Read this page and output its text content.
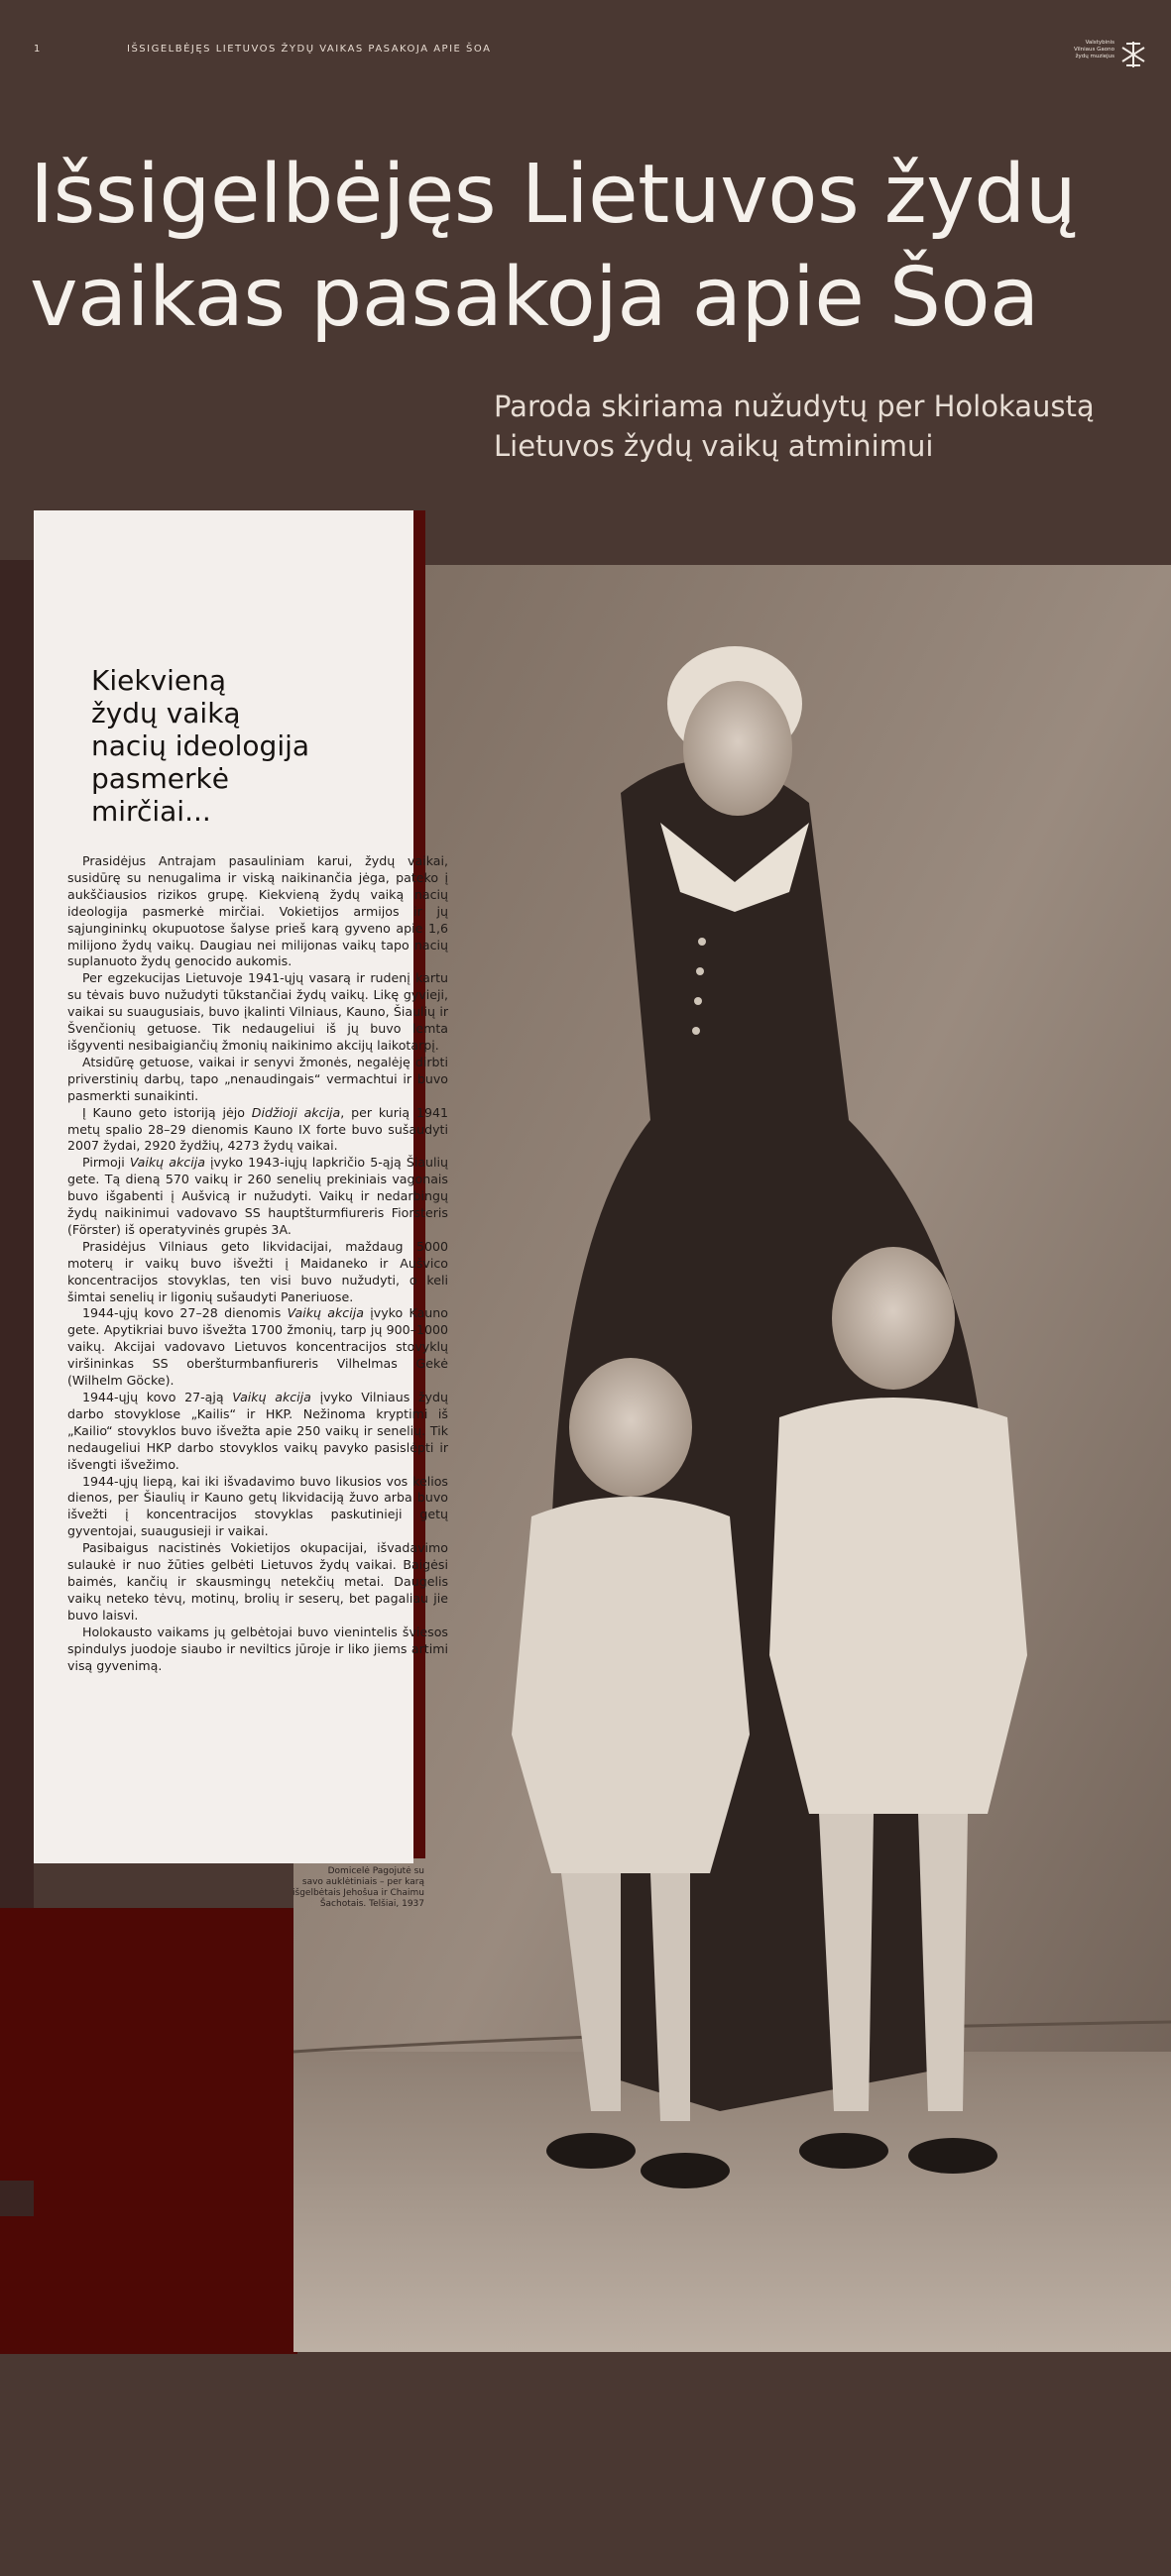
1	IŠSIGELBĖJĘS LIETUVOS ŽYDŲ VAIKAS PASAKOJA APIE ŠOA
Valstybinis
Vilniaus Gaono
žydų muziejus
Išsigelbėjęs Lietuvos žydų
vaikas pasakoja apie Šoa
Paroda skiriama nužudytų per Holokaustą
Lietuvos žydų vaikų atminimui
Kiekvieną
žydų vaiką
nacių ideologija
pasmerkė
mirčiai...

Prasidėjus Antrajam pasauliniam karui, žydų vaikai, susidūrę su nenugalima ir viską naikinančia jėga, pateko į aukščiausios rizikos grupę. Kiekvieną žydų vaiką nacių ideologija pasmerkė mirčiai. Vokietijos armijos ir jų sąjungininkų okupuotose šalyse prieš karą gyveno apie 1,6 milijono žydų vaikų. Daugiau nei milijonas vaikų tapo nacių suplanuoto žydų genocido aukomis.

Per egzekucijas Lietuvoje 1941-ųjų vasarą ir rudenį kartu su tėvais buvo nužudyti tūkstančiai žydų vaikų. Likę gyvieji, vaikai su suaugusiais, buvo įkalinti Vilniaus, Kauno, Šiaulių ir Švenčionių getuose. Tik nedaugeliui iš jų buvo lemta išgyventi nesibaigiančių žmonių naikinimo akcijų laikotarpį.

Atsidūrę getuose, vaikai ir senyvi žmonės, negalėję dirbti priverstinių darbų, tapo „nenaudingais“ vermachtui ir buvo pasmerkti sunaikinti.

Į Kauno geto istoriją jėjo Didžioji akcija, per kurią 1941 metų spalio 28–29 dienomis Kauno IX forte buvo sušaudyti 2007 žydai, 2920 žydžių, 4273 žydų vaikai.

Pirmoji Vaikų akcija įvyko 1943-iųjų lapkričio 5-ąją Šiaulių gete. Tą dieną 570 vaikų ir 260 senelių prekiniais vagonais buvo išgabenti į Aušvicą ir nužudyti. Vaikų ir nedarbingų žydų naikinimui vadovavo SS hauptšturmfiureris Fiorsteris (Förster) iš operatyvinės grupės 3A.

Prasidėjus Vilniaus geto likvidacijai, maždaug 5000 moterų ir vaikų buvo išvežti į Maidaneko ir Aušvico koncentracijos stovyklas, ten visi buvo nužudyti, o keli šimtai senelių ir ligonių sušaudyti Paneriuose.

1944-ųjų kovo 27–28 dienomis Vaikų akcija įvyko Kauno gete. Apytikriai buvo išvežta 1700 žmonių, tarp jų 900–1000 vaikų. Akcijai vadovavo Lietuvos koncentracijos stovyklų viršininkas SS oberšturmbanfiureris Vilhelmas Gekė (Wilhelm Göcke).

1944-ųjų kovo 27-ąją Vaikų akcija įvyko Vilniaus žydų darbo stovyklose „Kailis“ ir HKP. Nežinoma kryptimi iš „Kailio“ stovyklos buvo išvežta apie 250 vaikų ir senelių. Tik nedaugeliui HKP darbo stovyklos vaikų pavyko pasislėpti ir išvengti išvežimo.

1944-ųjų liepą, kai iki išvadavimo buvo likusios vos kelios dienos, per Šiaulių ir Kauno getų likvidaciją žuvo arba buvo išvežti į koncentracijos stovyklas paskutinieji getų gyventojai, suaugusieji ir vaikai.

Pasibaigus nacistinės Vokietijos okupacijai, išvadavimo sulaukė ir nuo žūties gelbėti Lietuvos žydų vaikai. Baigėsi baimės, kančių ir skausmingų netekčių metai. Daugelis vaikų neteko tėvų, motinų, brolių ir seserų, bet pagaliau jie buvo laisvi.

Holokausto vaikams jų gelbėtojai buvo vienintelis šviesos spindulys juodoje siaubo ir neviltics jūroje ir liko jiems artimi visą gyvenimą.

Domicelė Pagojutė su
savo auklėtiniais – per karą
išgelbėtais Jehošua ir Chaimu
Šachotais. Telšiai, 1937
